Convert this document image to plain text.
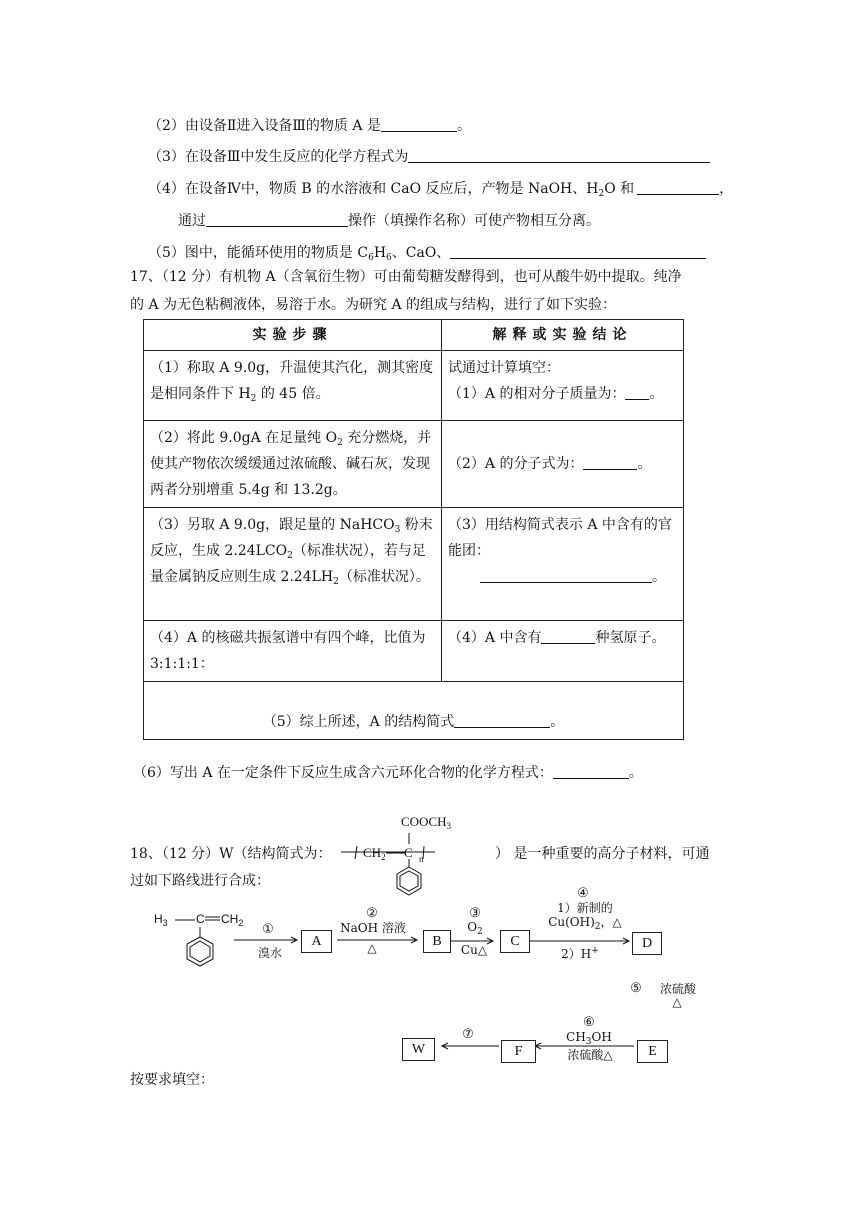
（2）由设备Ⅱ进入设备Ⅲ的物质 A 是	。
（3）在设备Ⅲ中发生反应的化学方程式为
（4）在设备Ⅳ中，物质 B 的水溶液和 CaO 反应后，产物是 NaOH、$H_2O$ 和	，
通过	操作（填操作名称）可使产物相互分离。
（5）图中，能循环使用的物质是 $C_6H_6$、CaO、
17、（12 分）有机物 A（含氧衍生物）可由葡萄糖发酵得到，也可从酸牛奶中提取。纯净
的 A 为无色粘稠液体，易溶于水。为研究 A 的组成与结构，进行了如下实验：
实验步骤	解释或实验结论
（1）称取 A 9.0g，升温使其汽化，测其密度是相同条件下 $H_2$ 的 45 倍。	试通过计算填空：
（1）A 的相对分子质量为： 。
（2）将此 9.0gA 在足量纯 $O_2$ 充分燃烧，并使其产物依次缓缓通过浓硫酸、碱石灰，发现两者分别增重 5.4g 和 13.2g。	（2）A 的分子式为： 。
（3）另取 A 9.0g，跟足量的 NaHCO$_3$ 粉末反应，生成 $2.24LCO_2$（标准状况），若与足量金属钠反应则生成 $2.24LH_2$（标准状况）。	（3）用结构简式表示 A 中含有的官能团：
。
（4）A 的核磁共振氢谱中有四个峰，比值为 3:1:1:1：	（4）A 中含有 种氢原子。
（5）综上所述，A 的结构简式 。	
（6）写出 A 在一定条件下反应生成含六元环化合物的化学方程式：	。
18、（12 分）W（结构简式为：	） 是一种重要的高分子材料，可通
过如下路线进行合成：
$COOCH_3$
$CH_2$ C n
$H_3$ C $CH_2$	①
溴水
A
②
NaOH 溶液
△	B
③
$O_2$
Cu△
C
④
1）新制的
$Cu(OH)_2$，△
2）H+	D
⑤	浓硫酸
△
E
⑥
$CH_3OH$
浓硫酸△
F
⑦
W
按要求填空：
